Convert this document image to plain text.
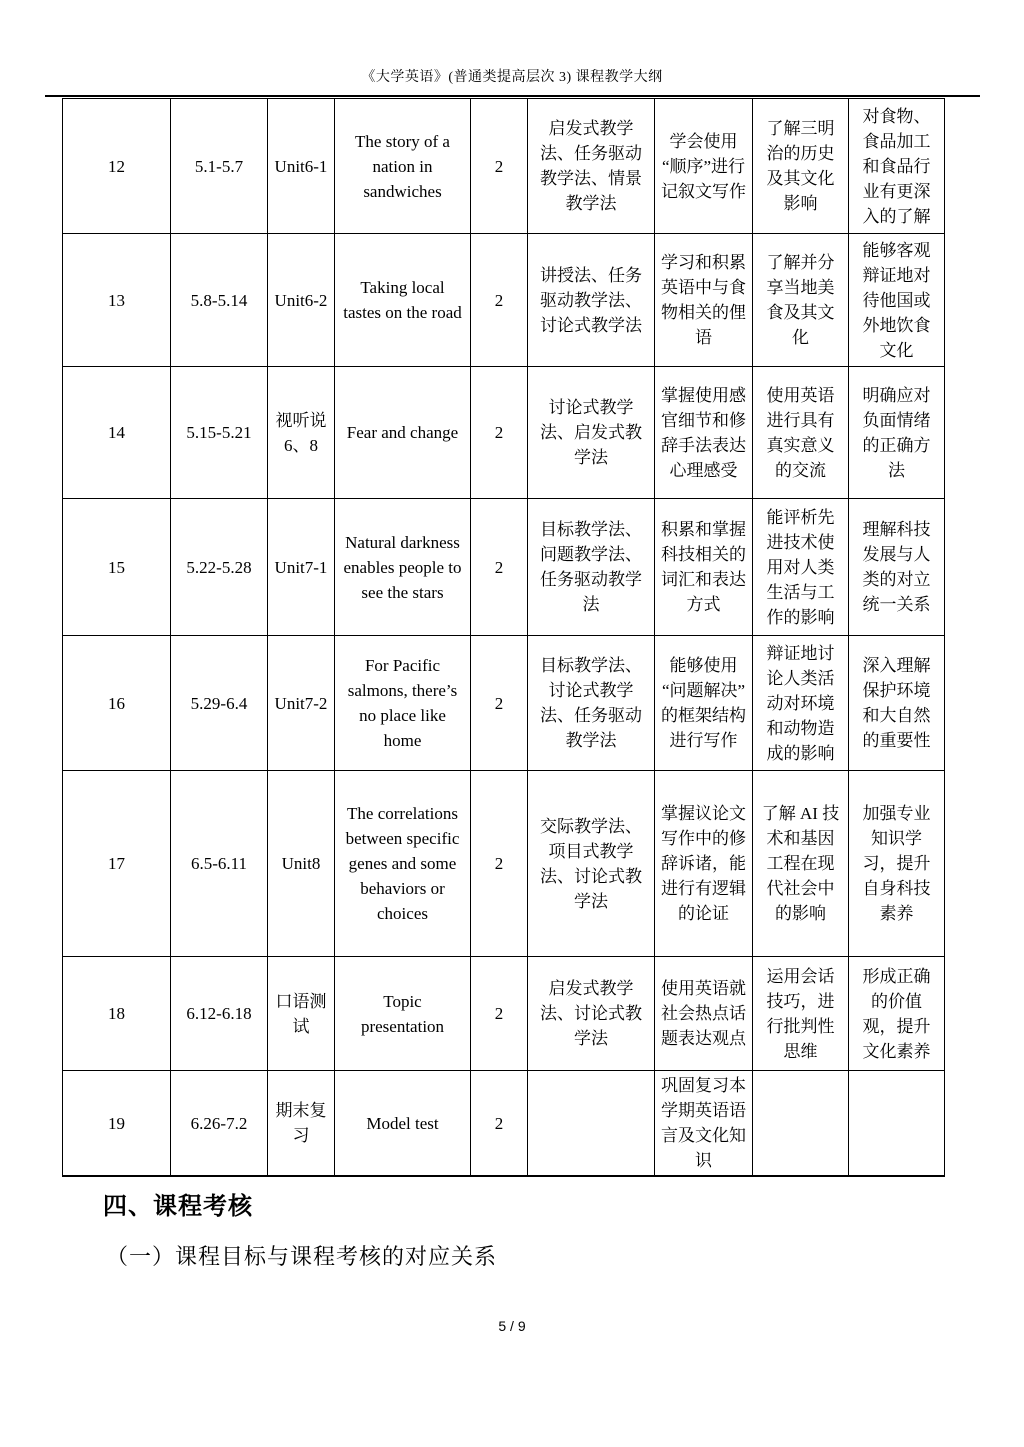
《大学英语》(普通类提高层次 3) 课程教学大纲
12	5.1-5.7	Unit6-1	The story of a nation in sandwiches	2	启发式教学法、任务驱动教学法、情景教学法	学会使用“顺序”进行记叙文写作	了解三明治的历史及其文化影响	对食物、食品加工和食品行业有更深入的了解
13	5.8-5.14	Unit6-2	Taking local tastes on the road	2	讲授法、任务驱动教学法、讨论式教学法	学习和积累英语中与食物相关的俚语	了解并分享当地美食及其文化	能够客观辩证地对待他国或外地饮食文化
14	5.15-5.21	视听说 6、8	Fear and change	2	讨论式教学法、启发式教学法	掌握使用感官细节和修辞手法表达心理感受	使用英语进行具有真实意义的交流	明确应对负面情绪的正确方法
15	5.22-5.28	Unit7-1	Natural darkness enables people to see the stars	2	目标教学法、问题教学法、任务驱动教学法	积累和掌握科技相关的词汇和表达方式	能评析先进技术使用对人类生活与工作的影响	理解科技发展与人类的对立统一关系
16	5.29-6.4	Unit7-2	For Pacific salmons, there’s no place like home	2	目标教学法、讨论式教学法、任务驱动教学法	能够使用“问题解决”的框架结构进行写作	辩证地讨论人类活动对环境和动物造成的影响	深入理解保护环境和大自然的重要性
17	6.5-6.11	Unit8	The correlations between specific genes and some behaviors or choices	2	交际教学法、项目式教学法、讨论式教学法	掌握议论文写作中的修辞诉诸，能进行有逻辑的论证	了解 AI 技术和基因工程在现代社会中的影响	加强专业知识学习，提升自身科技素养
18	6.12-6.18	口语测试	Topic presentation	2	启发式教学法、讨论式教学法	使用英语就社会热点话题表达观点	运用会话技巧，进行批判性思维	形成正确的价值观，提升文化素养
19	6.26-7.2	期末复习	Model test	2		巩固复习本学期英语语言及文化知识		
四、课程考核
（一）课程目标与课程考核的对应关系
5 / 9
